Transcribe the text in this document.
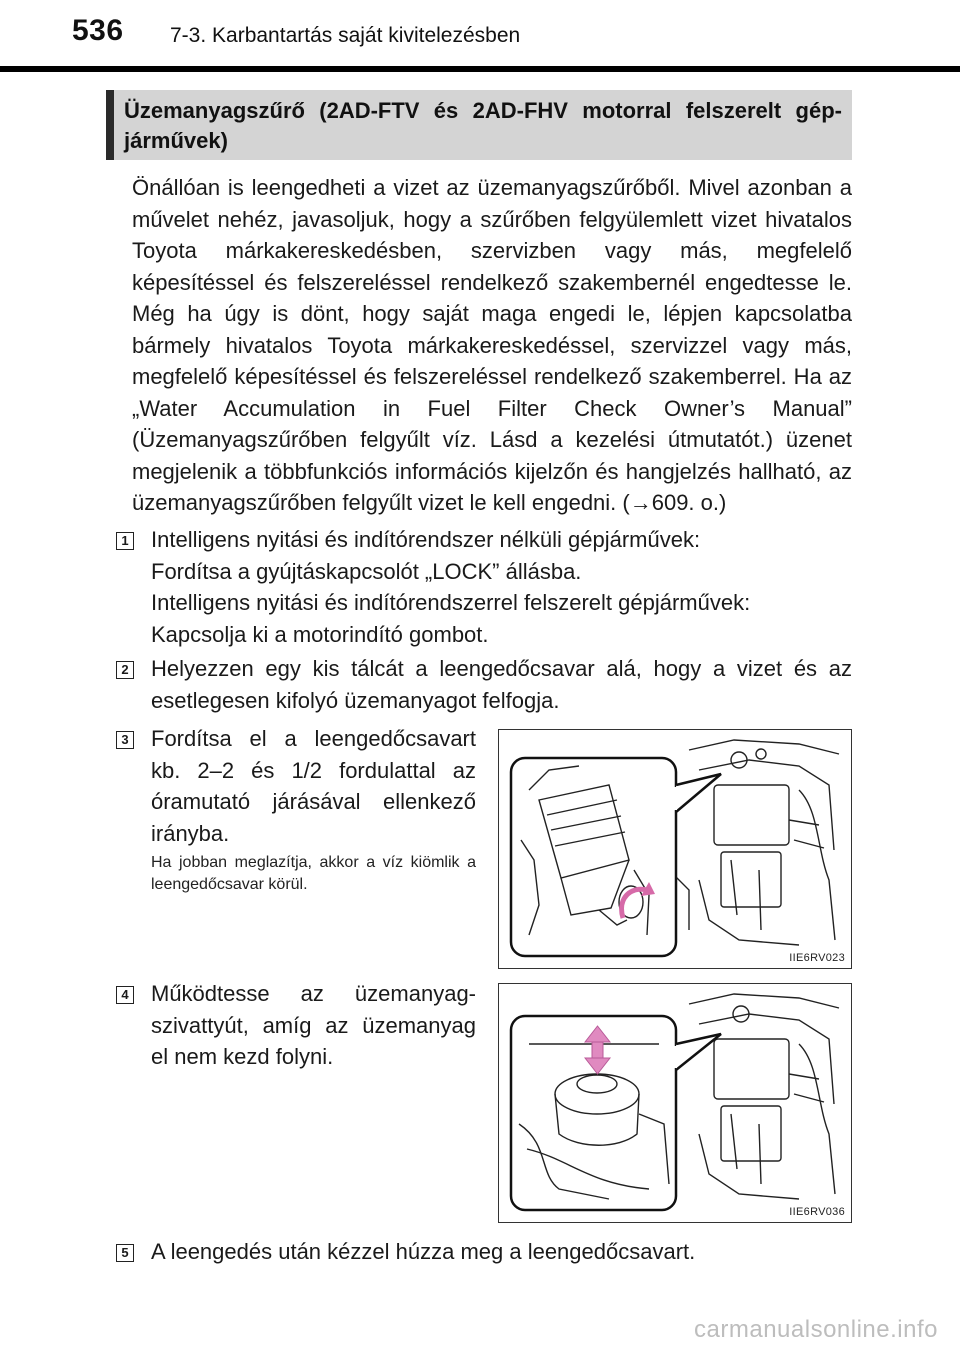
536 7-3. Karbantartás saját kivitelezésben
Üzemanyagszűrő (2AD-FTV és 2AD-FHV motorral felszerelt gép-járművek)

Önállóan is leengedheti a vizet az üzemanyagszűrőből. Mivel azonban a művelet nehéz, javasoljuk, hogy a szűrőben felgyülemlett vizet hivatalos Toyota márkakereskedésben, szervizben vagy más, megfelelő képesítéssel és felszereléssel rendelkező szakembernél engedtesse le. Még ha úgy is dönt, hogy saját maga engedi le, lépjen kapcsolatba bármely hivatalos Toyota márkakereskedéssel, szervizzel vagy más, megfelelő képesítéssel és felszereléssel rendelkező szakemberrel. Ha az „Water Accumulation in Fuel Filter Check Owner’s Manual” (Üzemanyagszűrőben felgyűlt víz. Lásd a kezelési útmutatót.) üzenet megjelenik a többfunkciós információs kijelzőn és hangjelzés hallható, az üzemanyagszűrőben felgyűlt vizet le kell engedni. (→609. o.)

1 Intelligens nyitási és indítórendszer nélküli gépjárművek:

Fordítsa a gyújtáskapcsolót „LOCK” állásba.

Intelligens nyitási és indítórendszerrel felszerelt gépjárművek:

Kapcsolja ki a motorindító gombot.

2 Helyezzen egy kis tálcát a leengedőcsavar alá, hogy a vizet és az esetlegesen kifolyó üzemanyagot felfogja.

3 Fordítsa el a leengedőcsavart kb. 2–2 és 1/2 fordulattal az óramutató járásával ellenkező irányba.

Ha jobban meglazítja, akkor a víz kiömlik a leengedőcsavar körül.
IIE6RV023
4 Működtesse az üzemanyag-szivattyút, amíg az üzemanyag el nem kezd folyni.

IIE6RV036
5 A leengedés után kézzel húzza meg a leengedőcsavart.

carmanualsonline.info
